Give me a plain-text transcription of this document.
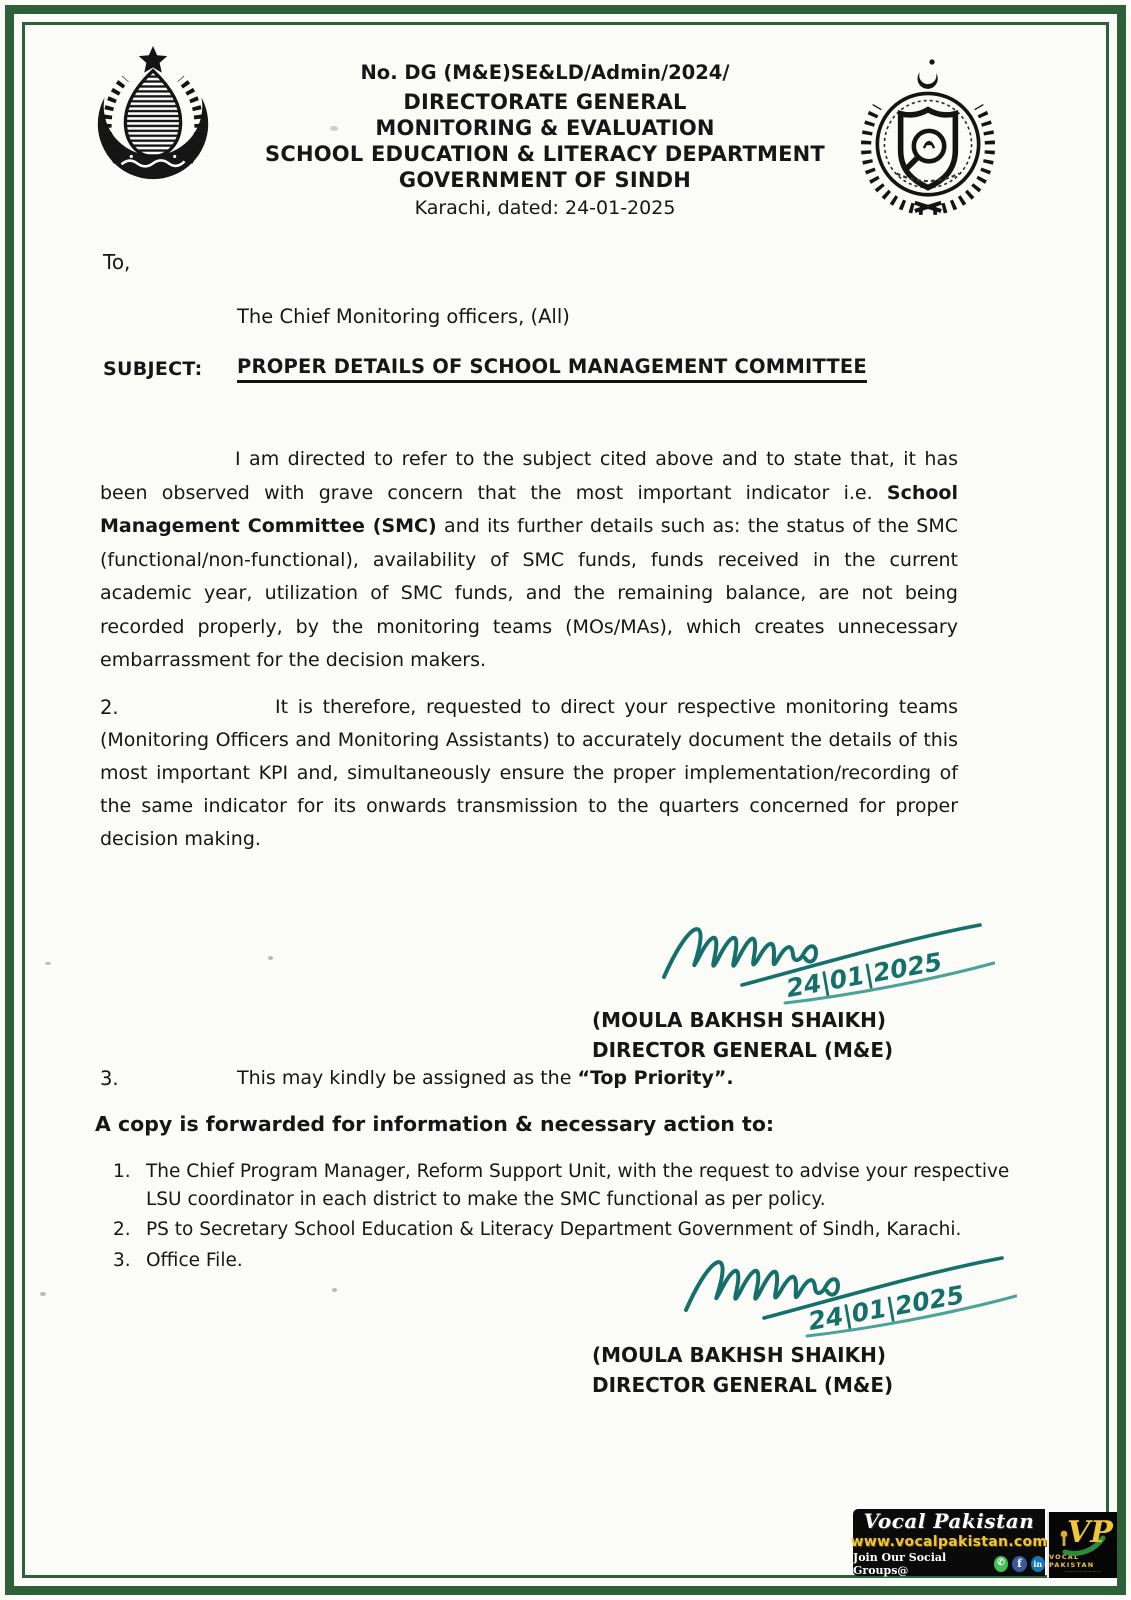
No. DG (M&E)SE&LD/Admin/2024/
DIRECTORATE GENERAL
MONITORING & EVALUATION
SCHOOL EDUCATION & LITERACY DEPARTMENT
GOVERNMENT OF SINDH
Karachi, dated: 24-01-2025
To,
The Chief Monitoring officers, (All)
SUBJECT: PROPER DETAILS OF SCHOOL MANAGEMENT COMMITTEE

I am directed to refer to the subject cited above and to state that, it has been observed with grave concern that the most important indicator i.e. School Management Committee (SMC) and its further details such as: the status of the SMC (functional/non-functional), availability of SMC funds, funds received in the current academic year, utilization of SMC funds, and the remaining balance, are not being recorded properly, by the monitoring teams (MOs/MAs), which creates unnecessary embarrassment for the decision makers.

2.	It is therefore, requested to direct your respective monitoring teams (Monitoring Officers and Monitoring Assistants) to accurately document the details of this most important KPI and, simultaneously ensure the proper implementation/recording of the same indicator for its onwards transmission to the quarters concerned for proper decision making.
3.	This may kindly be assigned as the “Top Priority”.
24|01|2025
(MOULA BAKHSH SHAIKH)
DIRECTOR GENERAL (M&E)
A copy is forwarded for information & necessary action to:
1. The Chief Program Manager, Reform Support Unit, with the request to advise your respective LSU coordinator in each district to make the SMC functional as per policy.
2. PS to Secretary School Education & Literacy Department Government of Sindh, Karachi.
3. Office File.
24|01|2025
(MOULA BAKHSH SHAIKH)
DIRECTOR GENERAL (M&E)
Vocal Pakistan
www.vocalpakistan.com
Join Our Social Groups@
✆	f	in
VP
VOCAL PAKISTAN
————————
